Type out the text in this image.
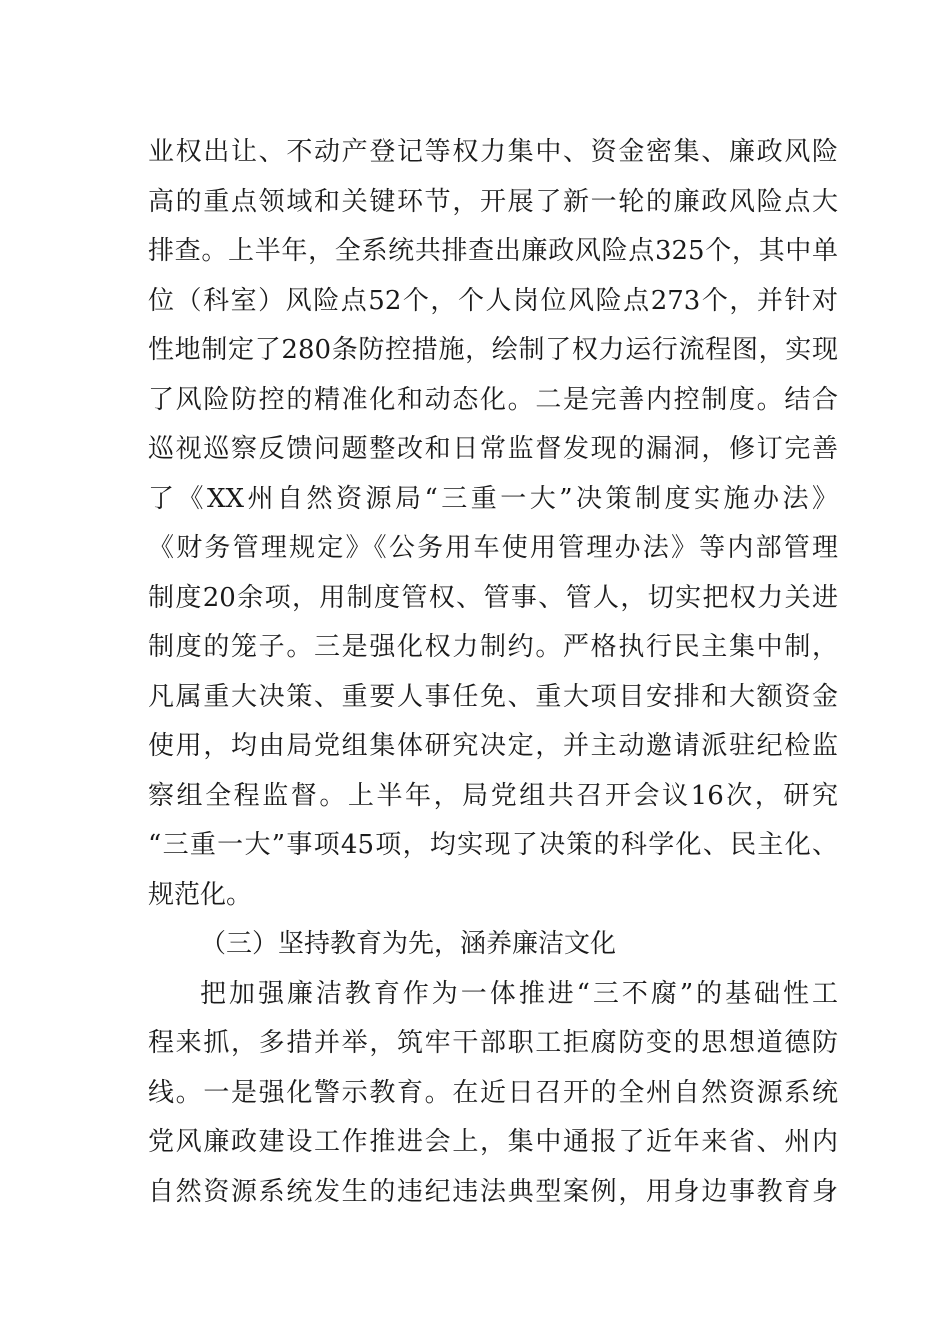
业权出让、不动产登记等权力集中、资金密集、廉政风险
高的重点领域和关键环节，开展了新一轮的廉政风险点大
排查。上半年，全系统共排查出廉政风险点325个，其中单
位（科室）风险点52个，个人岗位风险点273个，并针对
性地制定了280条防控措施，绘制了权力运行流程图，实现
了风险防控的精准化和动态化。二是完善内控制度。结合
巡视巡察反馈问题整改和日常监督发现的漏洞，修订完善
了《XX州自然资源局“三重一大”决策制度实施办法》
《财务管理规定》《公务用车使用管理办法》等内部管理
制度20余项，用制度管权、管事、管人，切实把权力关进
制度的笼子。三是强化权力制约。严格执行民主集中制，
凡属重大决策、重要人事任免、重大项目安排和大额资金
使用，均由局党组集体研究决定，并主动邀请派驻纪检监
察组全程监督。上半年，局党组共召开会议16次，研究
“三重一大”事项45项，均实现了决策的科学化、民主化、
规范化。
（三）坚持教育为先，涵养廉洁文化
把加强廉洁教育作为一体推进“三不腐”的基础性工
程来抓，多措并举，筑牢干部职工拒腐防变的思想道德防
线。一是强化警示教育。在近日召开的全州自然资源系统
党风廉政建设工作推进会上，集中通报了近年来省、州内
自然资源系统发生的违纪违法典型案例，用身边事教育身
